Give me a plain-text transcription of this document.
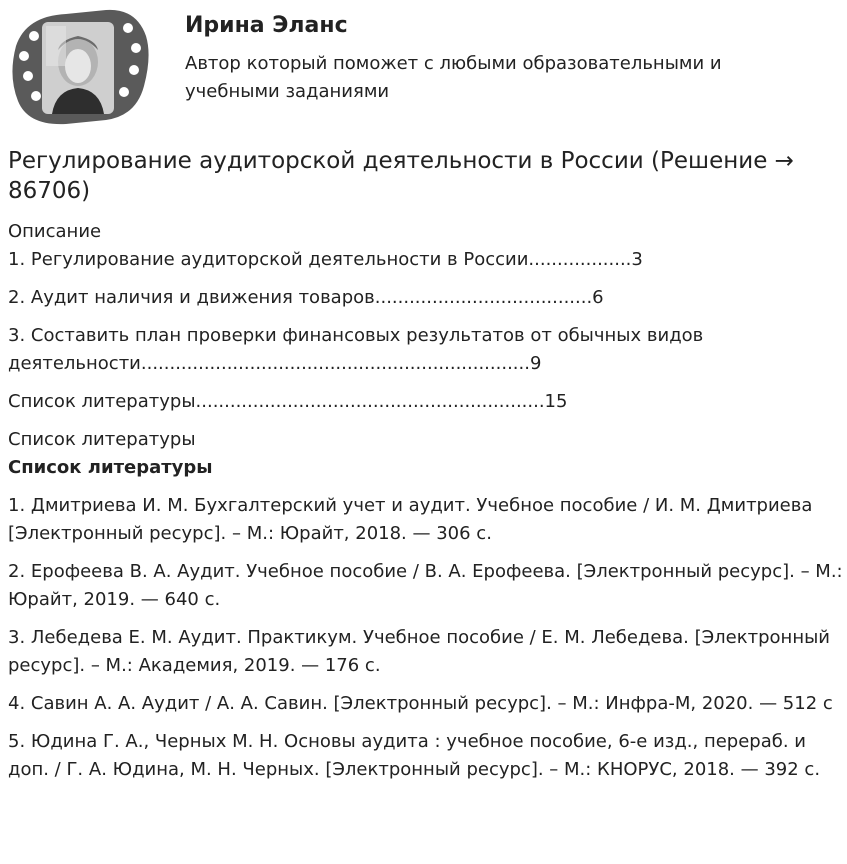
Ирина Эланс
Автор который поможет с любыми образовательными и учебными заданиями
Регулирование аудиторской деятельности в России (Решение → 86706)

Описание

1. Регулирование аудиторской деятельности в России..................3

2. Аудит наличия и движения товаров......................................6

3. Составить план проверки финансовых результатов от обычных видов деятельности....................................................................9

Список литературы.............................................................15

Список литературы

Список литературы

1. Дмитриева И. М. Бухгалтерский учет и аудит. Учебное пособие / И. М. Дмитриева [Электронный ресурс]. – М.: Юрайт, 2018. — 306 с.

2. Ерофеева В. А. Аудит. Учебное пособие / В. А. Ерофеева. [Электронный ресурс]. – М.: Юрайт, 2019. — 640 с.

3. Лебедева Е. М. Аудит. Практикум. Учебное пособие / Е. М. Лебедева. [Электронный ресурс]. – М.: Академия, 2019. — 176 с.

4. Савин А. А. Аудит / А. А. Савин. [Электронный ресурс]. – М.: Инфра-М, 2020. — 512 с

5. Юдина Г. А., Черных М. Н. Основы аудита : учебное пособие, 6-е изд., перераб. и доп. / Г. А. Юдина, М. Н. Черных. [Электронный ресурс]. – М.: КНОРУС, 2018. — 392 с.
